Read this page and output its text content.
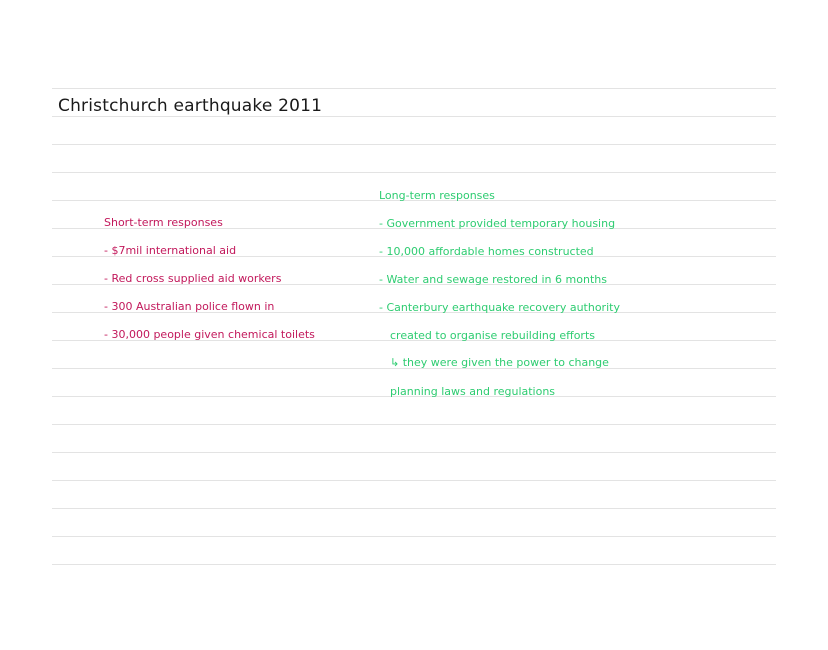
Christchurch earthquake 2011
Short-term responses
- $7mil international aid
- Red cross supplied aid workers
- 300 Australian police flown in
- 30,000 people given chemical toilets
Long-term responses
- Government provided temporary housing
- 10,000 affordable homes constructed
- Water and sewage restored in 6 months
- Canterbury earthquake recovery authority
created to organise rebuilding efforts
↳ they were given the power to change
planning laws and regulations
